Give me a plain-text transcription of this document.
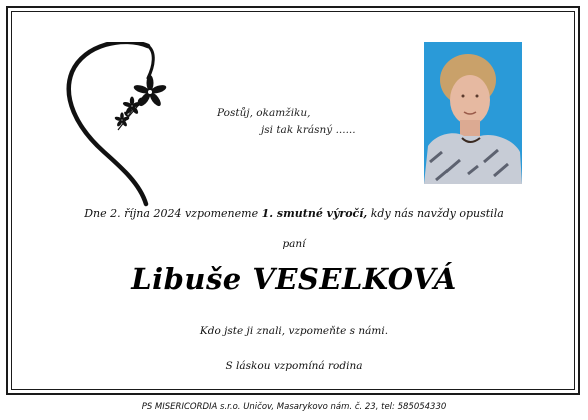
Postůj, okamžiku,
jsi tak krásný ......
Dne 2. října 2024 vzpomeneme 1. smutné výročí, kdy nás navždy opustila
paní
Libuše VESELKOVÁ
Kdo jste ji znali, vzpomeňte s námi.
S láskou vzpomíná rodina
PS MISERICORDIA s.r.o. Uničov, Masarykovo nám. č. 23, tel: 585054330
